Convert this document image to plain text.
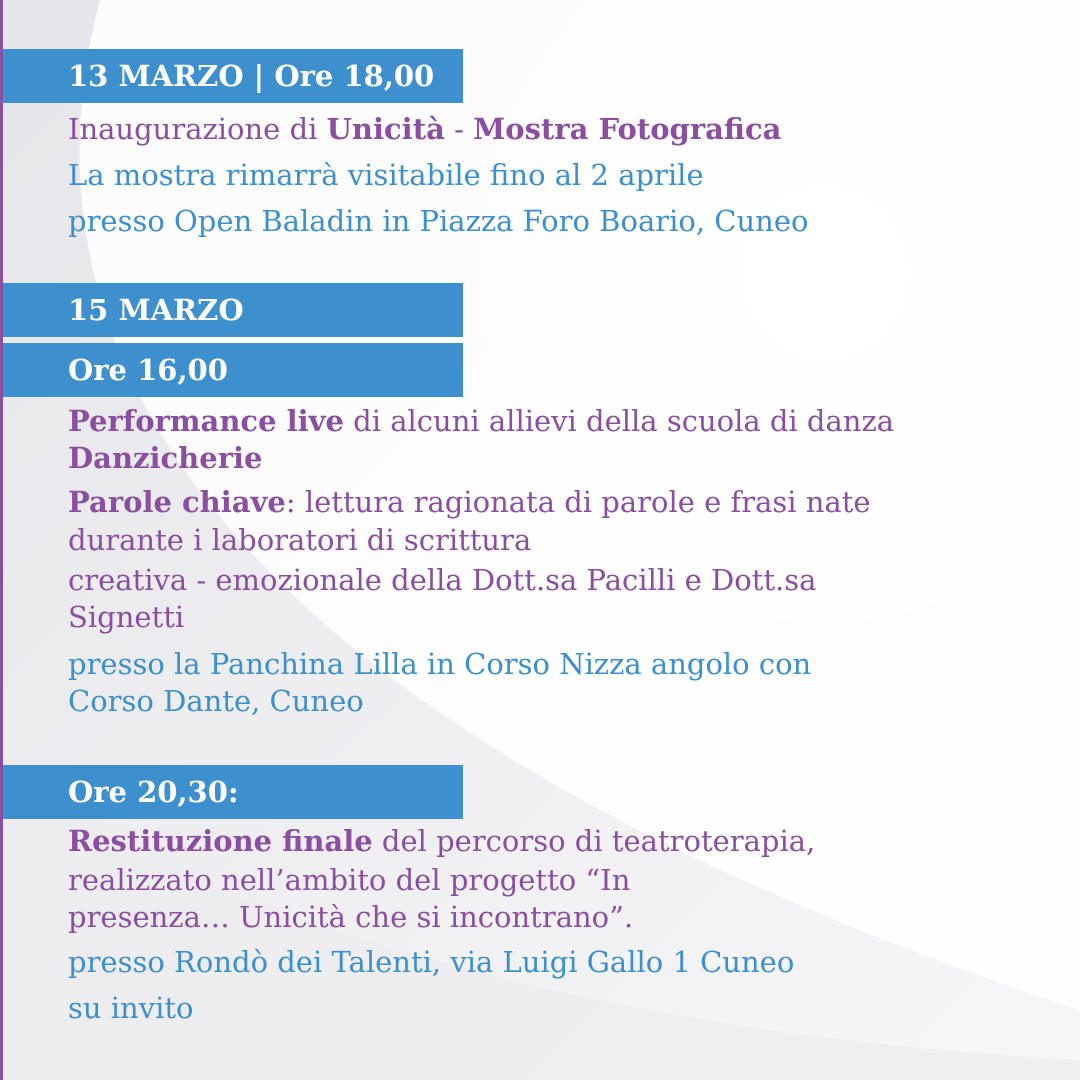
13 MARZO | Ore 18,00
Inaugurazione di Unicità - Mostra Fotografica
La mostra rimarrà visitabile fino al 2 aprile
presso Open Baladin in Piazza Foro Boario, Cuneo
15 MARZO
Ore 16,00
Performance live di alcuni allievi della scuola di danza
Danzicherie
Parole chiave: lettura ragionata di parole e frasi nate
durante i laboratori di scrittura
creativa - emozionale della Dott.sa Pacilli e Dott.sa
Signetti
presso la Panchina Lilla in Corso Nizza angolo con
Corso Dante, Cuneo
Ore 20,30:
Restituzione finale del percorso di teatroterapia,
realizzato nell’ambito del progetto “In
presenza… Unicità che si incontrano”.
presso Rondò dei Talenti, via Luigi Gallo 1 Cuneo
su invito
